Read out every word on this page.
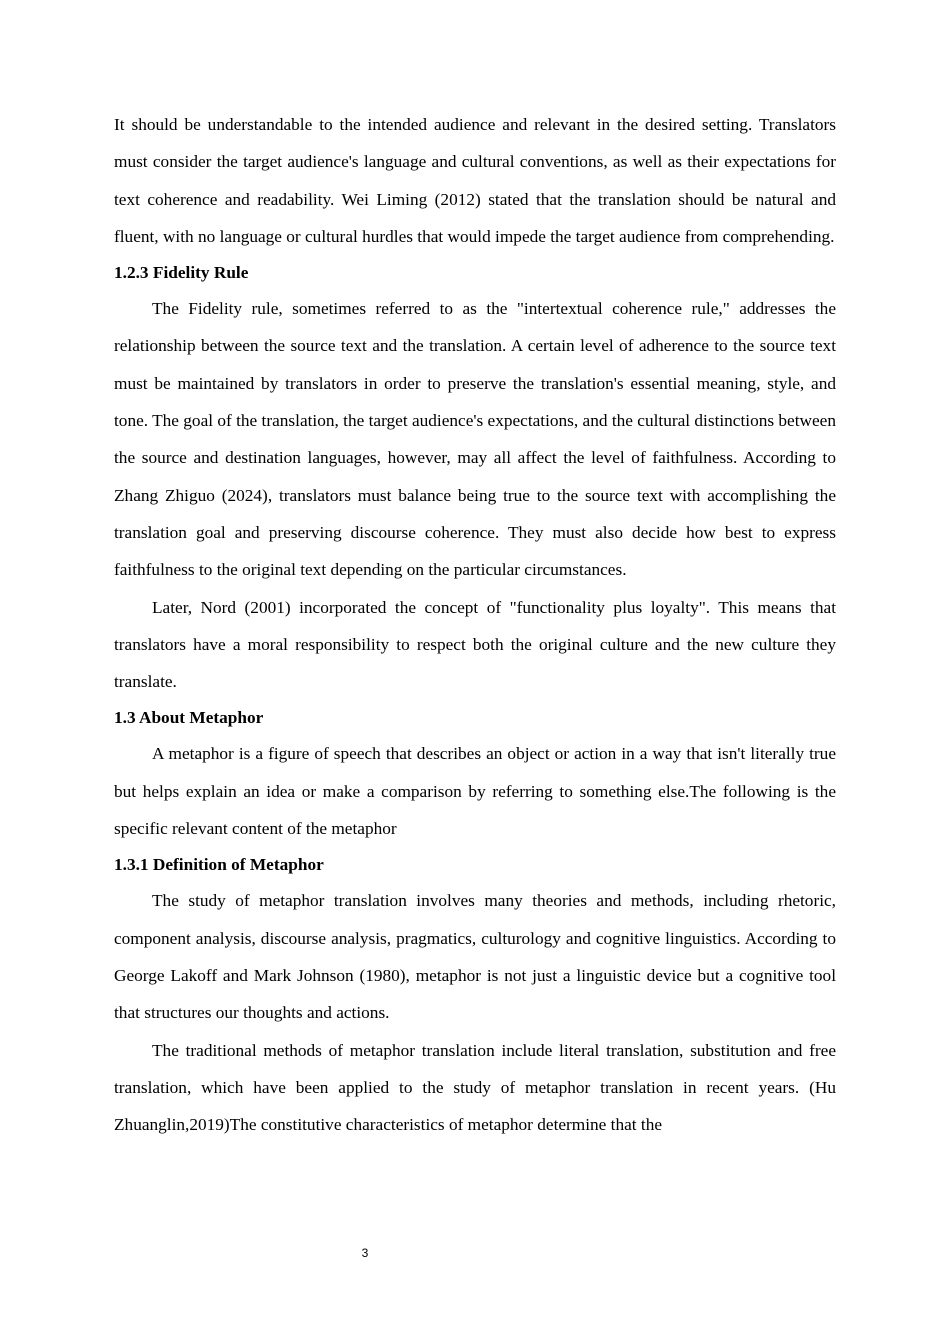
It should be understandable to the intended audience and relevant in the desired setting. Translators must consider the target audience's language and cultural conventions, as well as their expectations for text coherence and readability. Wei Liming (2012) stated that the translation should be natural and fluent, with no language or cultural hurdles that would impede the target audience from comprehending.

1.2.3 Fidelity Rule

The Fidelity rule, sometimes referred to as the "intertextual coherence rule," addresses the relationship between the source text and the translation. A certain level of adherence to the source text must be maintained by translators in order to preserve the translation's essential meaning, style, and tone. The goal of the translation, the target audience's expectations, and the cultural distinctions between the source and destination languages, however, may all affect the level of faithfulness. According to Zhang Zhiguo (2024), translators must balance being true to the source text with accomplishing the translation goal and preserving discourse coherence. They must also decide how best to express faithfulness to the original text depending on the particular circumstances.

Later, Nord (2001) incorporated the concept of "functionality plus loyalty". This means that translators have a moral responsibility to respect both the original culture and the new culture they translate.

1.3 About Metaphor

A metaphor is a figure of speech that describes an object or action in a way that isn't literally true but helps explain an idea or make a comparison by referring to something else.The following is the specific relevant content of the metaphor

1.3.1 Definition of Metaphor

The study of metaphor translation involves many theories and methods, including rhetoric, component analysis, discourse analysis, pragmatics, culturology and cognitive linguistics. According to George Lakoff and Mark Johnson (1980), metaphor is not just a linguistic device but a cognitive tool that structures our thoughts and actions.

The traditional methods of metaphor translation include literal translation, substitution and free translation, which have been applied to the study of metaphor translation in recent years. (Hu Zhuanglin,2019)The constitutive characteristics of metaphor determine that the

3
